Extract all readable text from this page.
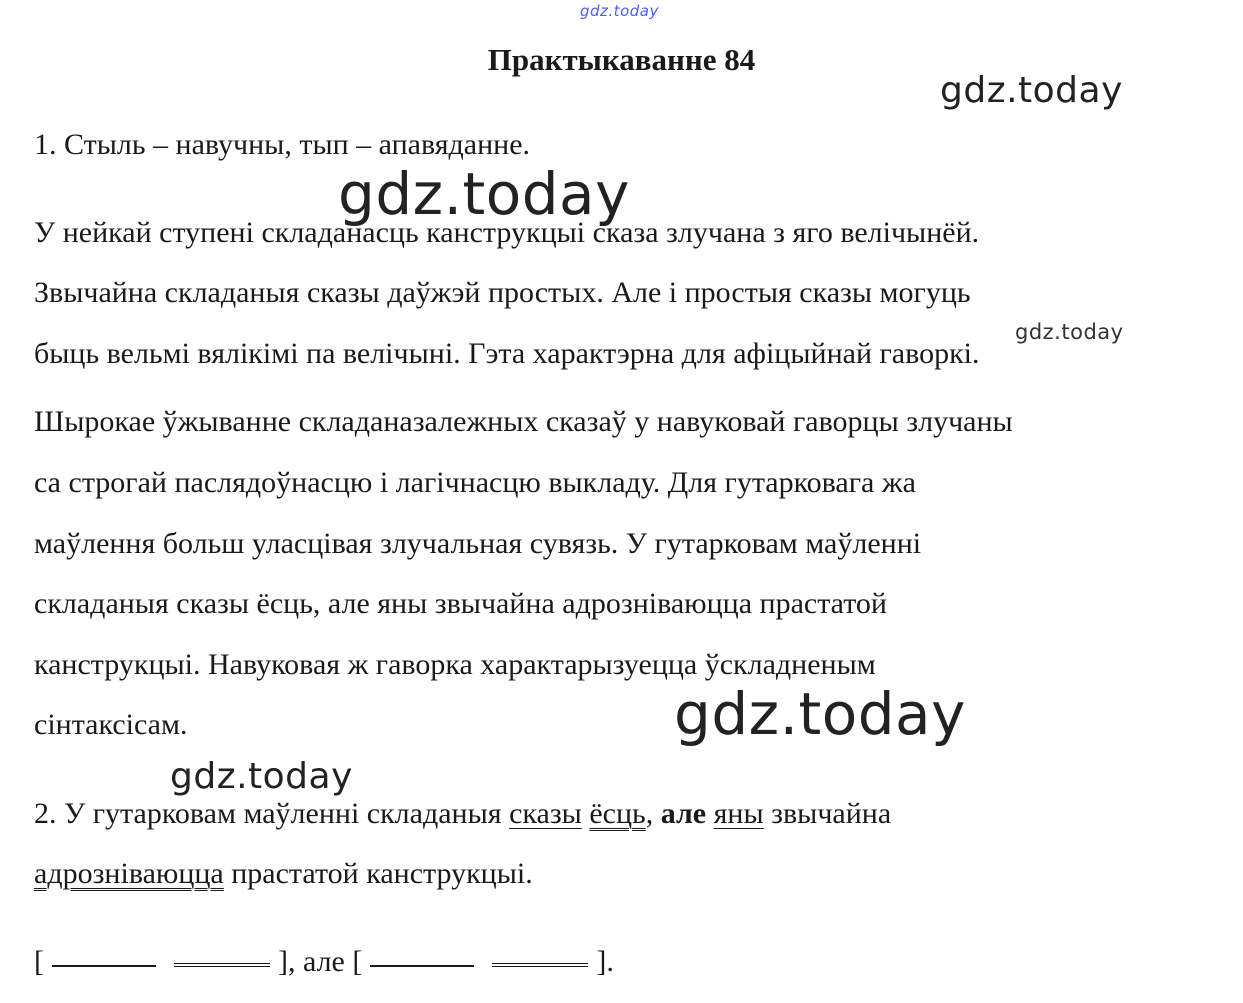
gdz.today
gdz.today
gdz.today
gdz.today
gdz.today
gdz.today
Практыкаванне 84

1. Стыль – навучны, тып – апавяданне.

У нейкай ступені складанасць канструкцыі сказа злучана з яго велічынёй.

Звычайна складаныя сказы даўжэй простых. Але і простыя сказы могуць

быць вельмі вялікімі па велічыні. Гэта характэрна для афіцыйнай гаворкі.

Шырокае ўжыванне складаназалежных сказаў у навуковай гаворцы злучаны

са строгай паслядоўнасцю і лагічнасцю выкладу. Для гутарковага жа

маўлення больш уласцівая злучальная сувязь. У гутарковам маўленні

складаныя сказы ёсць, але яны звычайна адрозніваюцца прастатой

канструкцыі. Навуковая ж гаворка характарызуецца ўскладненым

сінтаксісам.

2. У гутарковам маўленні складаныя сказы ёсць, але яны звычайна

адрозніваюцца прастатой канструкцыі.

[	], але [	].
